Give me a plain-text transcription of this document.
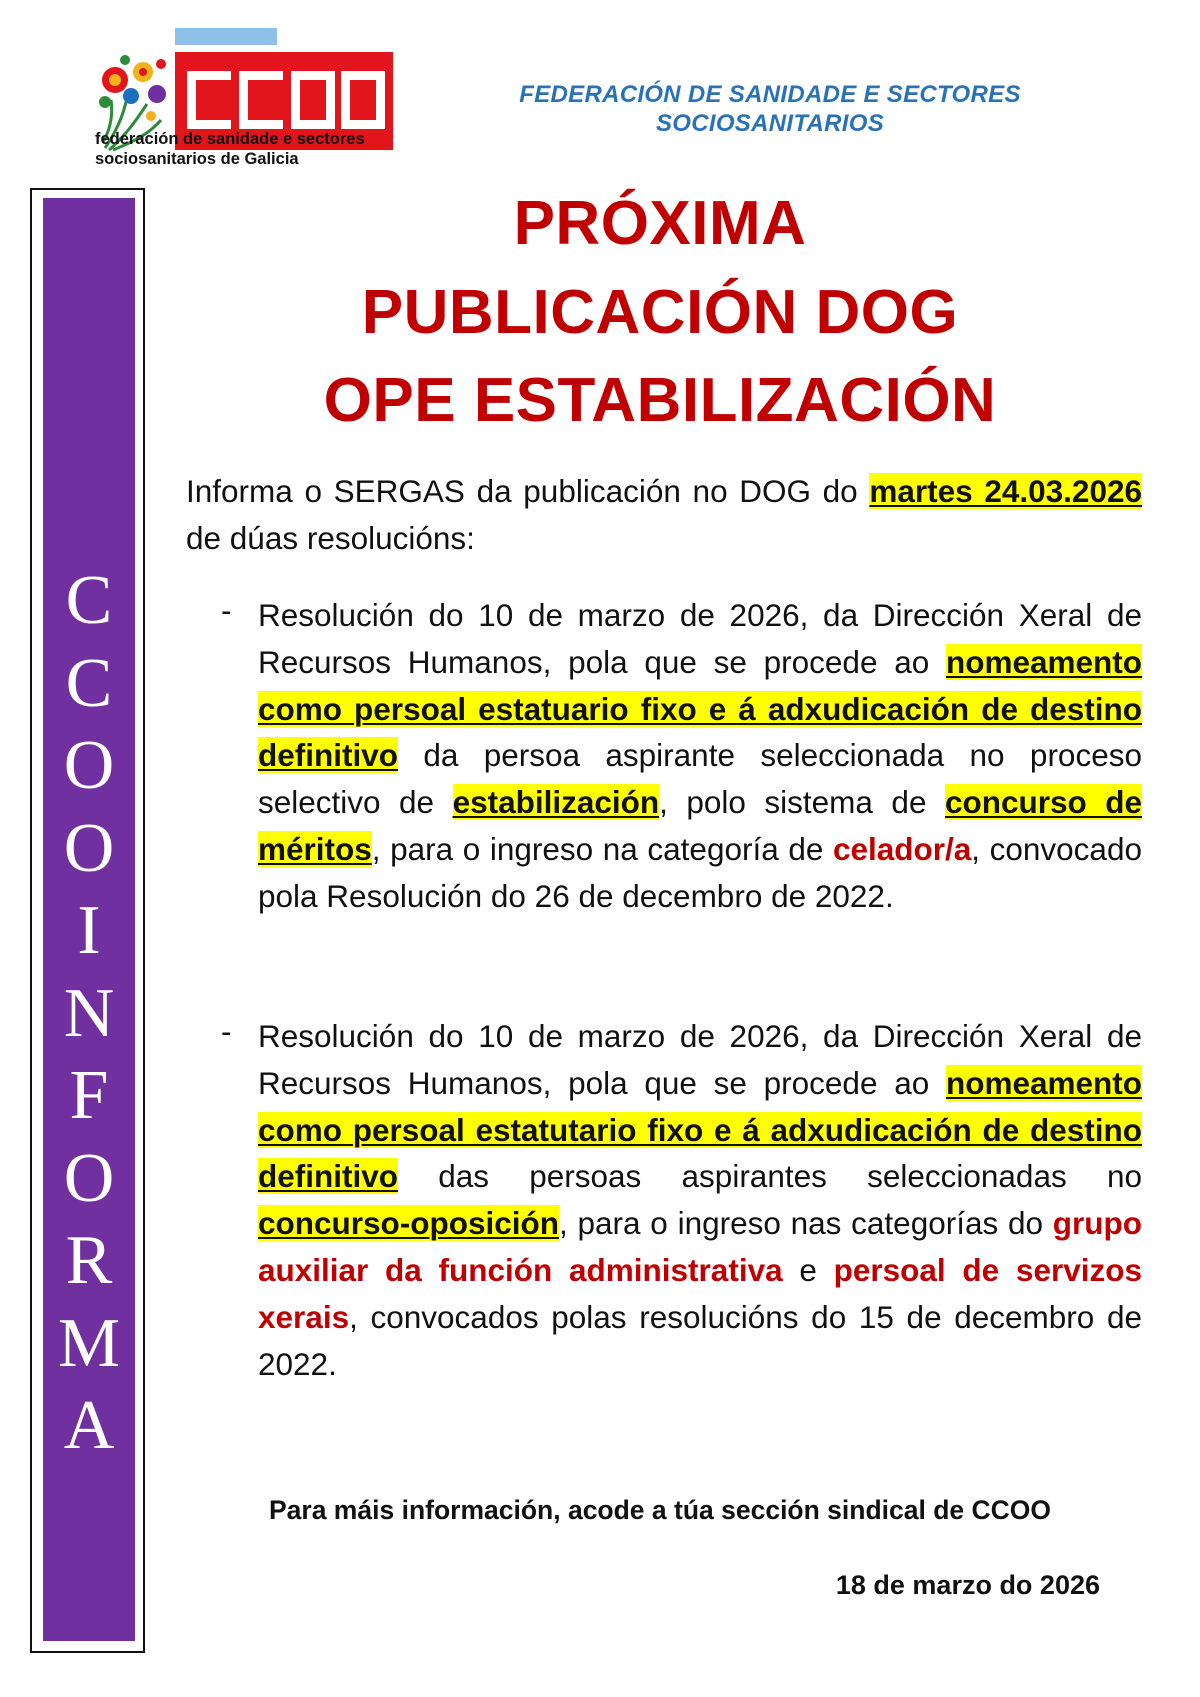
federación de sanidade e sectores
sociosanitarios de Galicia
FEDERACIÓN DE SANIDADE E SECTORES
SOCIOSANITARIOS
C
C
O
O
I
N
F
O
R
M
A
PRÓXIMA
PUBLICACIÓN DOG
OPE ESTABILIZACIÓN
Informa o SERGAS da publicación no DOG do martes 24.03.2026 de dúas resolucións:
- Resolución do 10 de marzo de 2026, da Dirección Xeral de Recursos Humanos, pola que se procede ao nomeamento como persoal estatuario fixo e á adxudicación de destino definitivo da persoa aspirante seleccionada no proceso selectivo de estabilización, polo sistema de concurso de méritos, para o ingreso na categoría de celador/a, convocado pola Resolución do 26 de decembro de 2022.
- Resolución do 10 de marzo de 2026, da Dirección Xeral de Recursos Humanos, pola que se procede ao nomeamento como persoal estatutario fixo e á adxudicación de destino definitivo das persoas aspirantes seleccionadas no concurso-oposición, para o ingreso nas categorías do grupo auxiliar da función administrativa e persoal de servizos xerais, convocados polas resolucións do 15 de decembro de 2022.
Para máis información, acode a túa sección sindical de CCOO
18 de marzo do 2026
